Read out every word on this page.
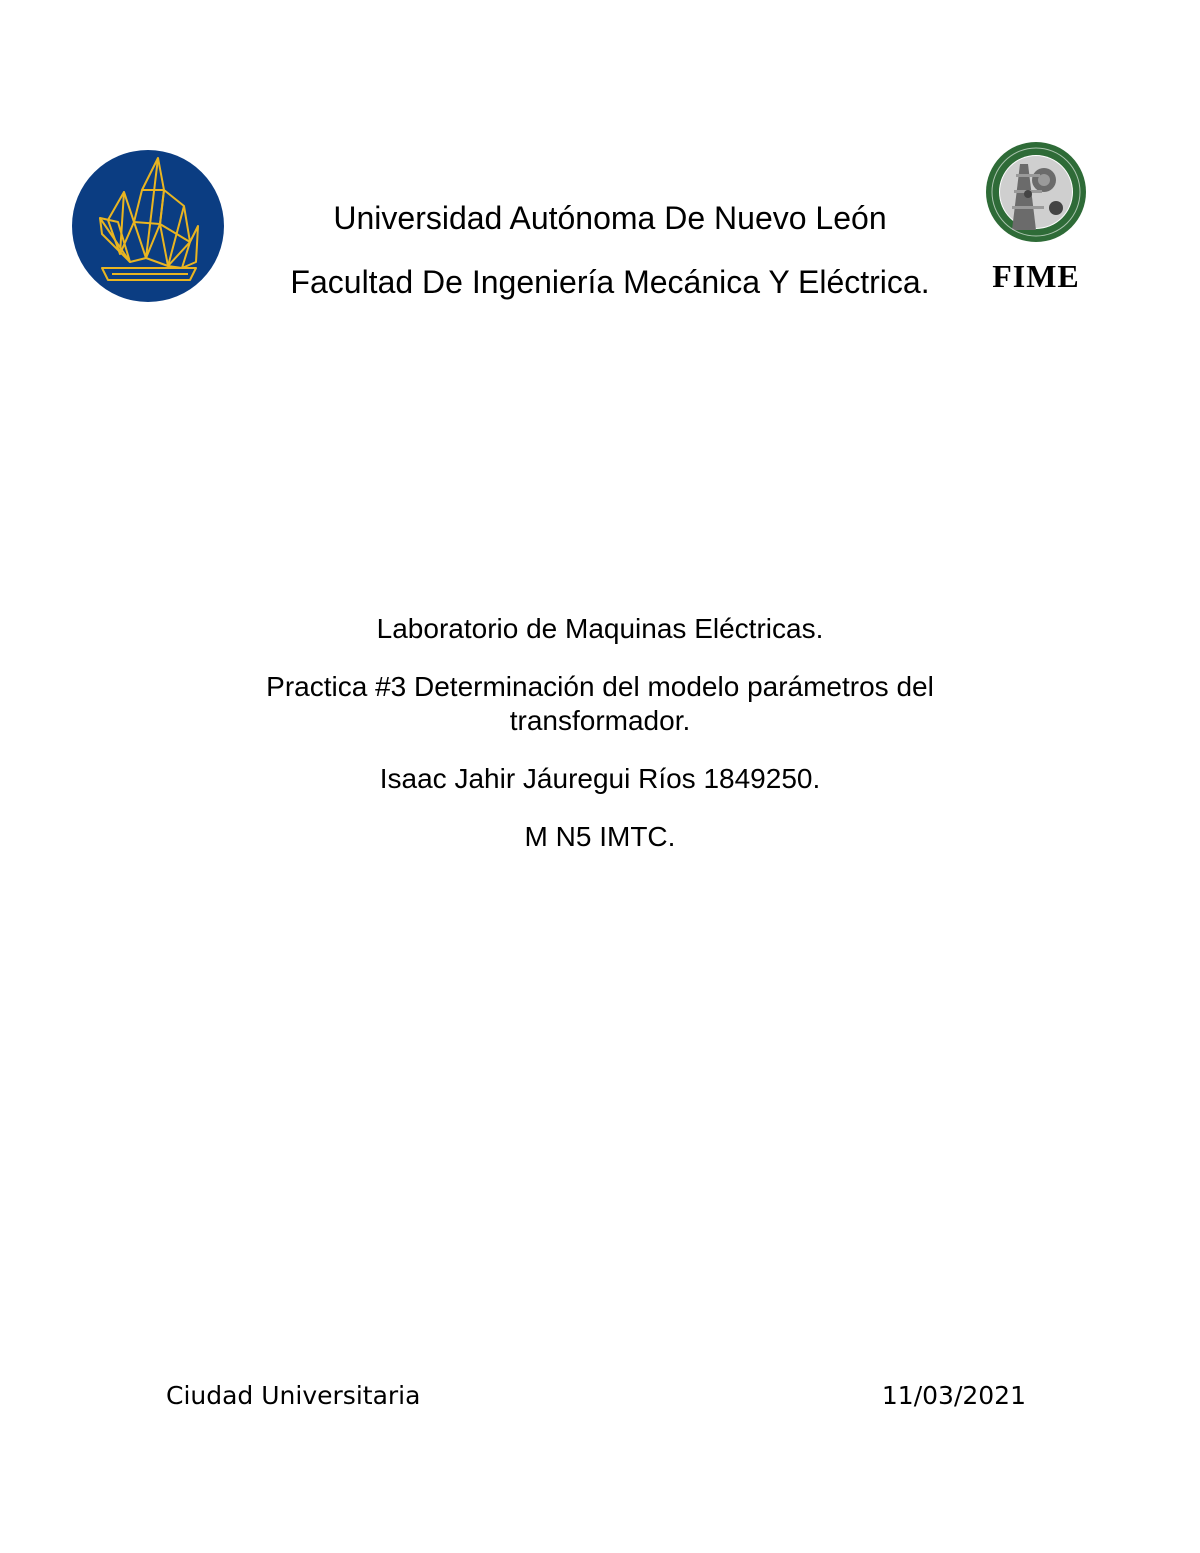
FIME
Universidad Autónoma De Nuevo León
Facultad De Ingeniería Mecánica Y Eléctrica.

Laboratorio de Maquinas Eléctricas.

Practica #3 Determinación del modelo parámetros del transformador.

Isaac Jahir Jáuregui Ríos 1849250.

M N5 IMTC.

Ciudad Universitaria	11/03/2021
